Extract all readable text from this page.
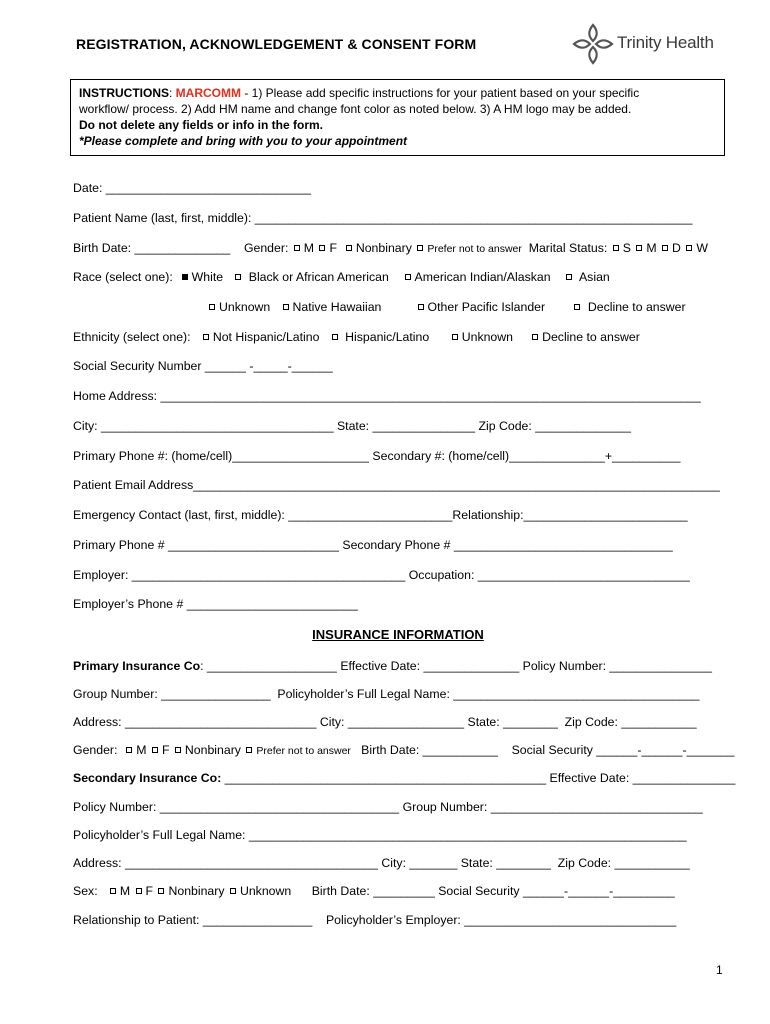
REGISTRATION, ACKNOWLEDGEMENT & CONSENT FORM	Trinity Health
INSTRUCTIONS: MARCOMM - 1) Please add specific instructions for your patient based on your specific
workflow/ process. 2) Add HM name and change font color as noted below. 3) A HM logo may be added.
Do not delete any fields or info in the form.
*Please complete and bring with you to your appointment
Date: ______________________________
Patient Name (last, first, middle): ________________________________________________________________
Birth Date: ______________ Gender: M F Nonbinary Prefer not to answer Marital Status: S M D W
Race (select one): White Black or African American American Indian/Alaskan Asian
Unknown Native Hawaiian	Other Pacific Islander	Decline to answer
Ethnicity (select one): Not Hispanic/Latino Hispanic/Latino	Unknown Decline to answer
Social Security Number ______ -_____-______
Home Address: _______________________________________________________________________________
City: __________________________________ State: _______________ Zip Code: ______________
Primary Phone #: (home/cell)____________________ Secondary #: (home/cell)______________+__________
Patient Email Address_____________________________________________________________________________
Emergency Contact (last, first, middle): ________________________Relationship:________________________
Primary Phone # _________________________ Secondary Phone # ________________________________
Employer: ________________________________________ Occupation: _______________________________
Employer’s Phone # _________________________
INSURANCE INFORMATION
Primary Insurance Co: ___________________ Effective Date: ______________ Policy Number: _______________
Group Number: ________________  Policyholder’s Full Legal Name: ____________________________________
Address: ____________________________ City: _________________ State: ________  Zip Code: ___________
Gender: M F Nonbinary Prefer not to answer Birth Date: ___________    Social Security ______-______-_______
Secondary Insurance Co: _______________________________________________ Effective Date: _______________
Policy Number: ___________________________________ Group Number: _______________________________
Policyholder’s Full Legal Name: ________________________________________________________________
Address: _____________________________________ City: _______ State: ________  Zip Code: ___________
Sex: M F Nonbinary Unknown Birth Date: _________ Social Security ______-______-_________
Relationship to Patient: ________________    Policyholder’s Employer: _______________________________
1
